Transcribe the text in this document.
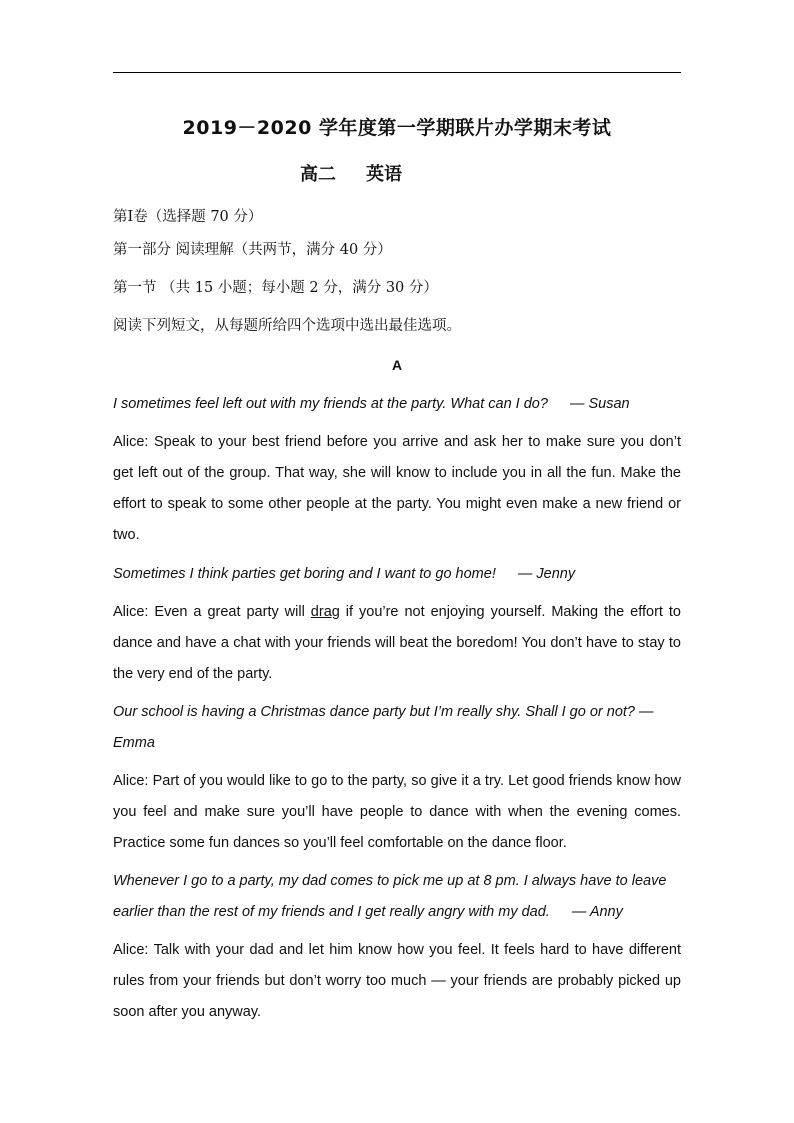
2019－2020 学年度第一学期联片办学期末考试
高二 英语
第Ⅰ卷（选择题 70 分）
第一部分 阅读理解（共两节，满分 40 分）
第一节 （共 15 小题；每小题 2 分，满分 30 分）
阅读下列短文，从每题所给四个选项中选出最佳选项。
A
I sometimes feel left out with my friends at the party. What can I do? — Susan
Alice: Speak to your best friend before you arrive and ask her to make sure you don’t get left out of the group. That way, she will know to include you in all the fun. Make the effort to speak to some other people at the party. You might even make a new friend or two.
Sometimes I think parties get boring and I want to go home! — Jenny
Alice: Even a great party will drag if you’re not enjoying yourself. Making the effort to dance and have a chat with your friends will beat the boredom! You don’t have to stay to the very end of the party.
Our school is having a Christmas dance party but I’m really shy. Shall I go or not? — Emma
Alice: Part of you would like to go to the party, so give it a try. Let good friends know how you feel and make sure you’ll have people to dance with when the evening comes. Practice some fun dances so you’ll feel comfortable on the dance floor.
Whenever I go to a party, my dad comes to pick me up at 8 pm. I always have to leave earlier than the rest of my friends and I get really angry with my dad. — Anny
Alice: Talk with your dad and let him know how you feel. It feels hard to have different rules from your friends but don’t worry too much — your friends are probably picked up soon after you anyway.
